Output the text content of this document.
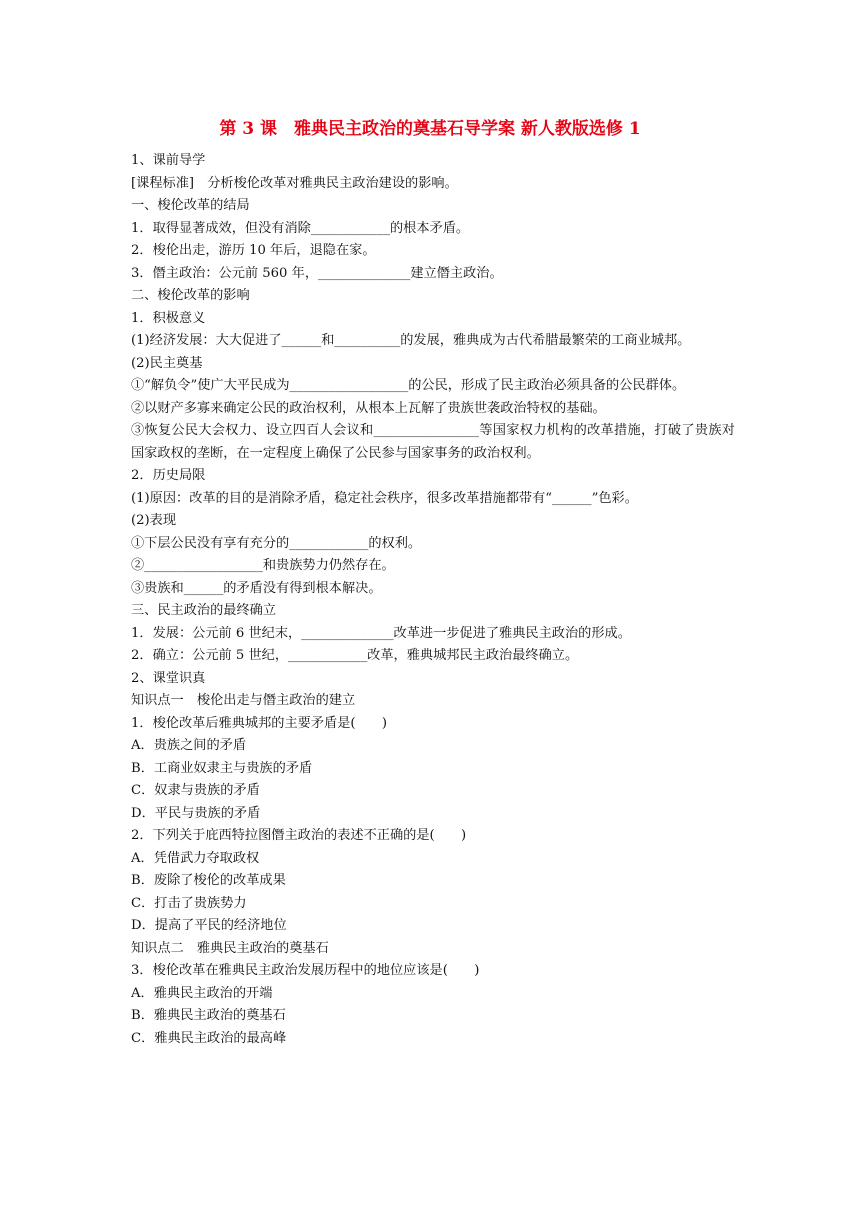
第 3 课　雅典民主政治的奠基石导学案 新人教版选修 1
1、课前导学
[课程标准]　分析梭伦改革对雅典民主政治建设的影响。
一、梭伦改革的结局
1．取得显著成效，但没有消除____________的根本矛盾。
2．梭伦出走，游历 10 年后，退隐在家。
3．僭主政治：公元前 560 年，______________建立僭主政治。
二、梭伦改革的影响
1．积极意义
(1)经济发展：大大促进了______和__________的发展，雅典成为古代希腊最繁荣的工商业城邦。
(2)民主奠基
①“解负令”使广大平民成为__________________的公民，形成了民主政治必须具备的公民群体。
②以财产多寡来确定公民的政治权利，从根本上瓦解了贵族世袭政治特权的基础。
③恢复公民大会权力、设立四百人会议和________________等国家权力机构的改革措施，打破了贵族对国家政权的垄断，在一定程度上确保了公民参与国家事务的政治权利。
2．历史局限
(1)原因：改革的目的是消除矛盾，稳定社会秩序，很多改革措施都带有“______”色彩。
(2)表现
①下层公民没有享有充分的____________的权利。
②__________________和贵族势力仍然存在。
③贵族和______的矛盾没有得到根本解决。
三、民主政治的最终确立
1．发展：公元前 6 世纪末，______________改革进一步促进了雅典民主政治的形成。
2．确立：公元前 5 世纪，____________改革，雅典城邦民主政治最终确立。
2、课堂识真
知识点一　梭伦出走与僭主政治的建立
1．梭伦改革后雅典城邦的主要矛盾是(　　)
A．贵族之间的矛盾
B．工商业奴隶主与贵族的矛盾
C．奴隶与贵族的矛盾
D．平民与贵族的矛盾
2．下列关于庇西特拉图僭主政治的表述不正确的是(　　)
A．凭借武力夺取政权
B．废除了梭伦的改革成果
C．打击了贵族势力
D．提高了平民的经济地位
知识点二　雅典民主政治的奠基石
3．梭伦改革在雅典民主政治发展历程中的地位应该是(　　)
A．雅典民主政治的开端
B．雅典民主政治的奠基石
C．雅典民主政治的最高峰
